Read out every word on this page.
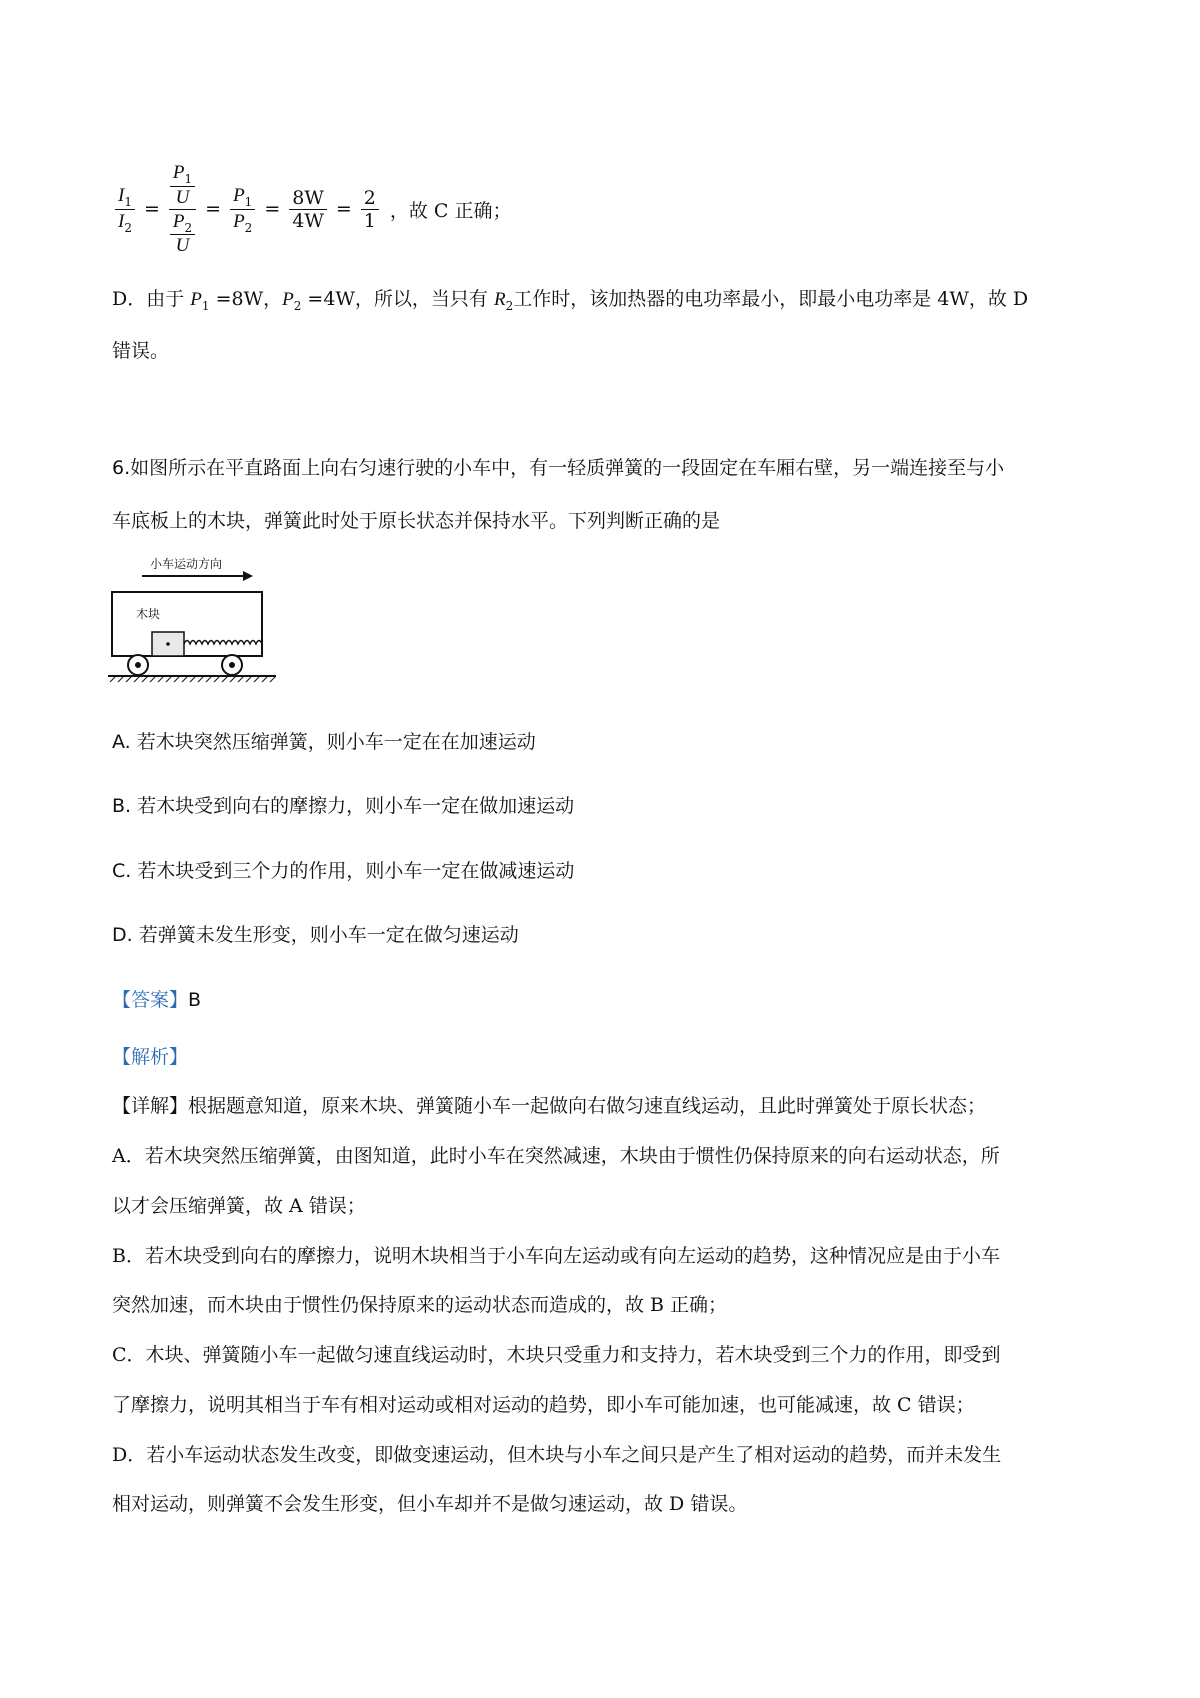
$\frac{I_1}{I_2} = \frac{\frac{P_1}{U}}{\frac{P_2}{U}} = \frac{P_1}{P_2} = \frac{8W}{4W} = \frac{2}{1}$ ，故 C 正确；
D．由于 $P_1 =8W$，$P_2 =4W$，所以，当只有 $R_2$工作时，该加热器的电功率最小，即最小电功率是 4W，故 D
错误。
6.如图所示在平直路面上向右匀速行驶的小车中，有一轻质弹簧的一段固定在车厢右壁，另一端连接至与小
车底板上的木块，弹簧此时处于原长状态并保持水平。下列判断正确的是
小车运动方向
木块
A. 若木块突然压缩弹簧，则小车一定在在加速运动
B. 若木块受到向右的摩擦力，则小车一定在做加速运动
C. 若木块受到三个力的作用，则小车一定在做减速运动
D. 若弹簧未发生形变，则小车一定在做匀速运动
【答案】B
【解析】
【详解】根据题意知道，原来木块、弹簧随小车一起做向右做匀速直线运动，且此时弹簧处于原长状态；
A．若木块突然压缩弹簧，由图知道，此时小车在突然减速，木块由于惯性仍保持原来的向右运动状态，所
以才会压缩弹簧，故 A 错误；
B．若木块受到向右的摩擦力，说明木块相当于小车向左运动或有向左运动的趋势，这种情况应是由于小车
突然加速，而木块由于惯性仍保持原来的运动状态而造成的，故 B 正确；
C．木块、弹簧随小车一起做匀速直线运动时，木块只受重力和支持力，若木块受到三个力的作用，即受到
了摩擦力，说明其相当于车有相对运动或相对运动的趋势，即小车可能加速，也可能减速，故 C 错误；
D．若小车运动状态发生改变，即做变速运动，但木块与小车之间只是产生了相对运动的趋势，而并未发生
相对运动，则弹簧不会发生形变，但小车却并不是做匀速运动，故 D 错误。
